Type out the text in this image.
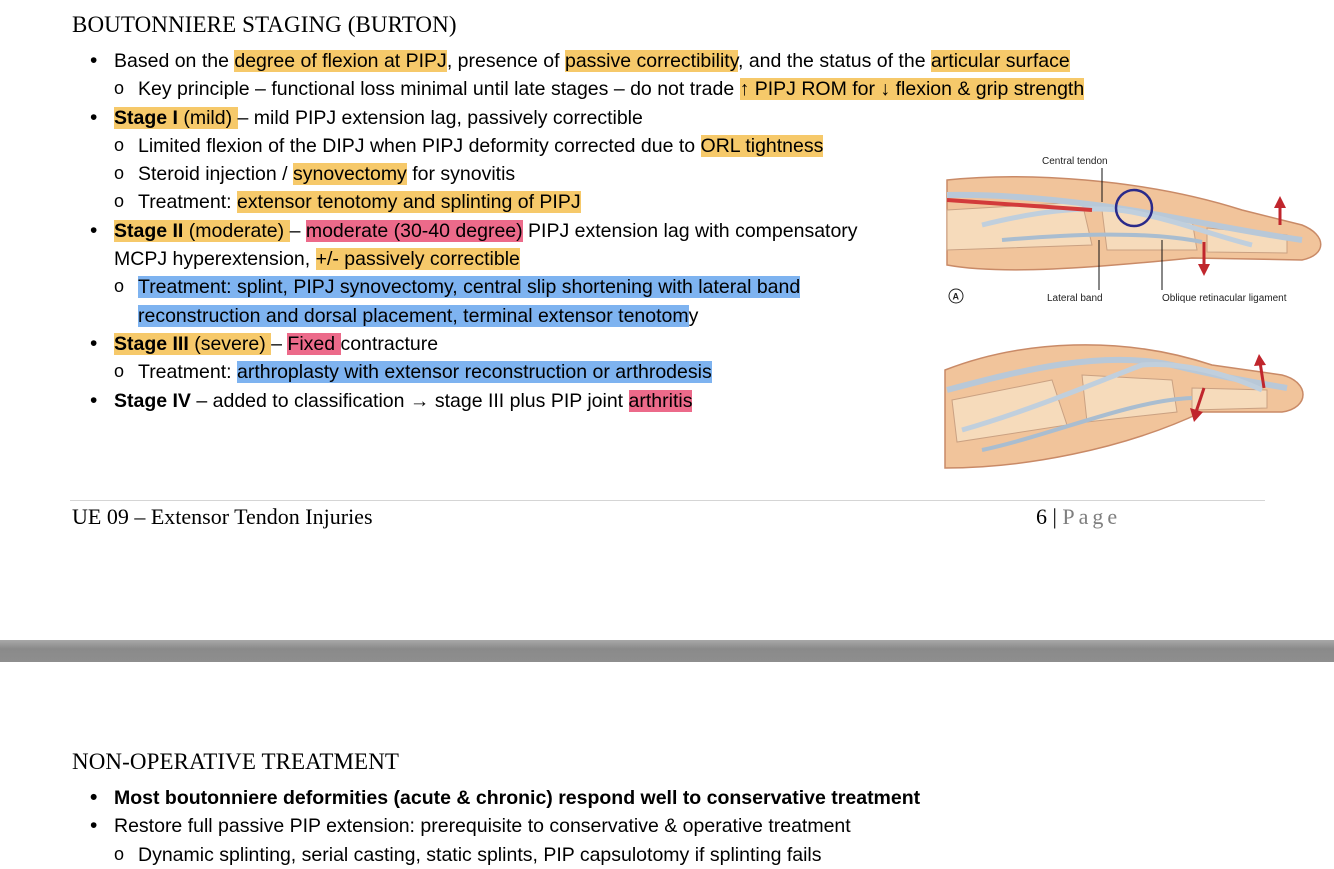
BOUTONNIERE STAGING (BURTON)
• Based on the degree of flexion at PIPJ, presence of passive correctibility, and the status of the articular surface
o Key principle – functional loss minimal until late stages – do not trade ↑ PIPJ ROM for ↓ flexion & grip strength
• Stage I (mild) – mild PIPJ extension lag, passively correctible
o Limited flexion of the DIPJ when PIPJ deformity corrected due to ORL tightness
o Steroid injection / synovectomy for synovitis
o Treatment: extensor tenotomy and splinting of PIPJ
• Stage II (moderate) – moderate (30-40 degree) PIPJ extension lag with compensatory MCPJ hyperextension, +/- passively correctible
o Treatment: splint, PIPJ synovectomy, central slip shortening with lateral band reconstruction and dorsal placement, terminal extensor tenotomy
• Stage III (severe) – Fixed contracture
o Treatment: arthroplasty with extensor reconstruction or arthrodesis
• Stage IV – added to classification → stage III plus PIP joint arthritis
Central tendon
Lateral band	Oblique retinacular ligament
A
UE 09 – Extensor Tendon Injuries	6 | Page
NON-OPERATIVE TREATMENT
• Most boutonniere deformities (acute & chronic) respond well to conservative treatment
• Restore full passive PIP extension: prerequisite to conservative & operative treatment
o Dynamic splinting, serial casting, static splints, PIP capsulotomy if splinting fails
